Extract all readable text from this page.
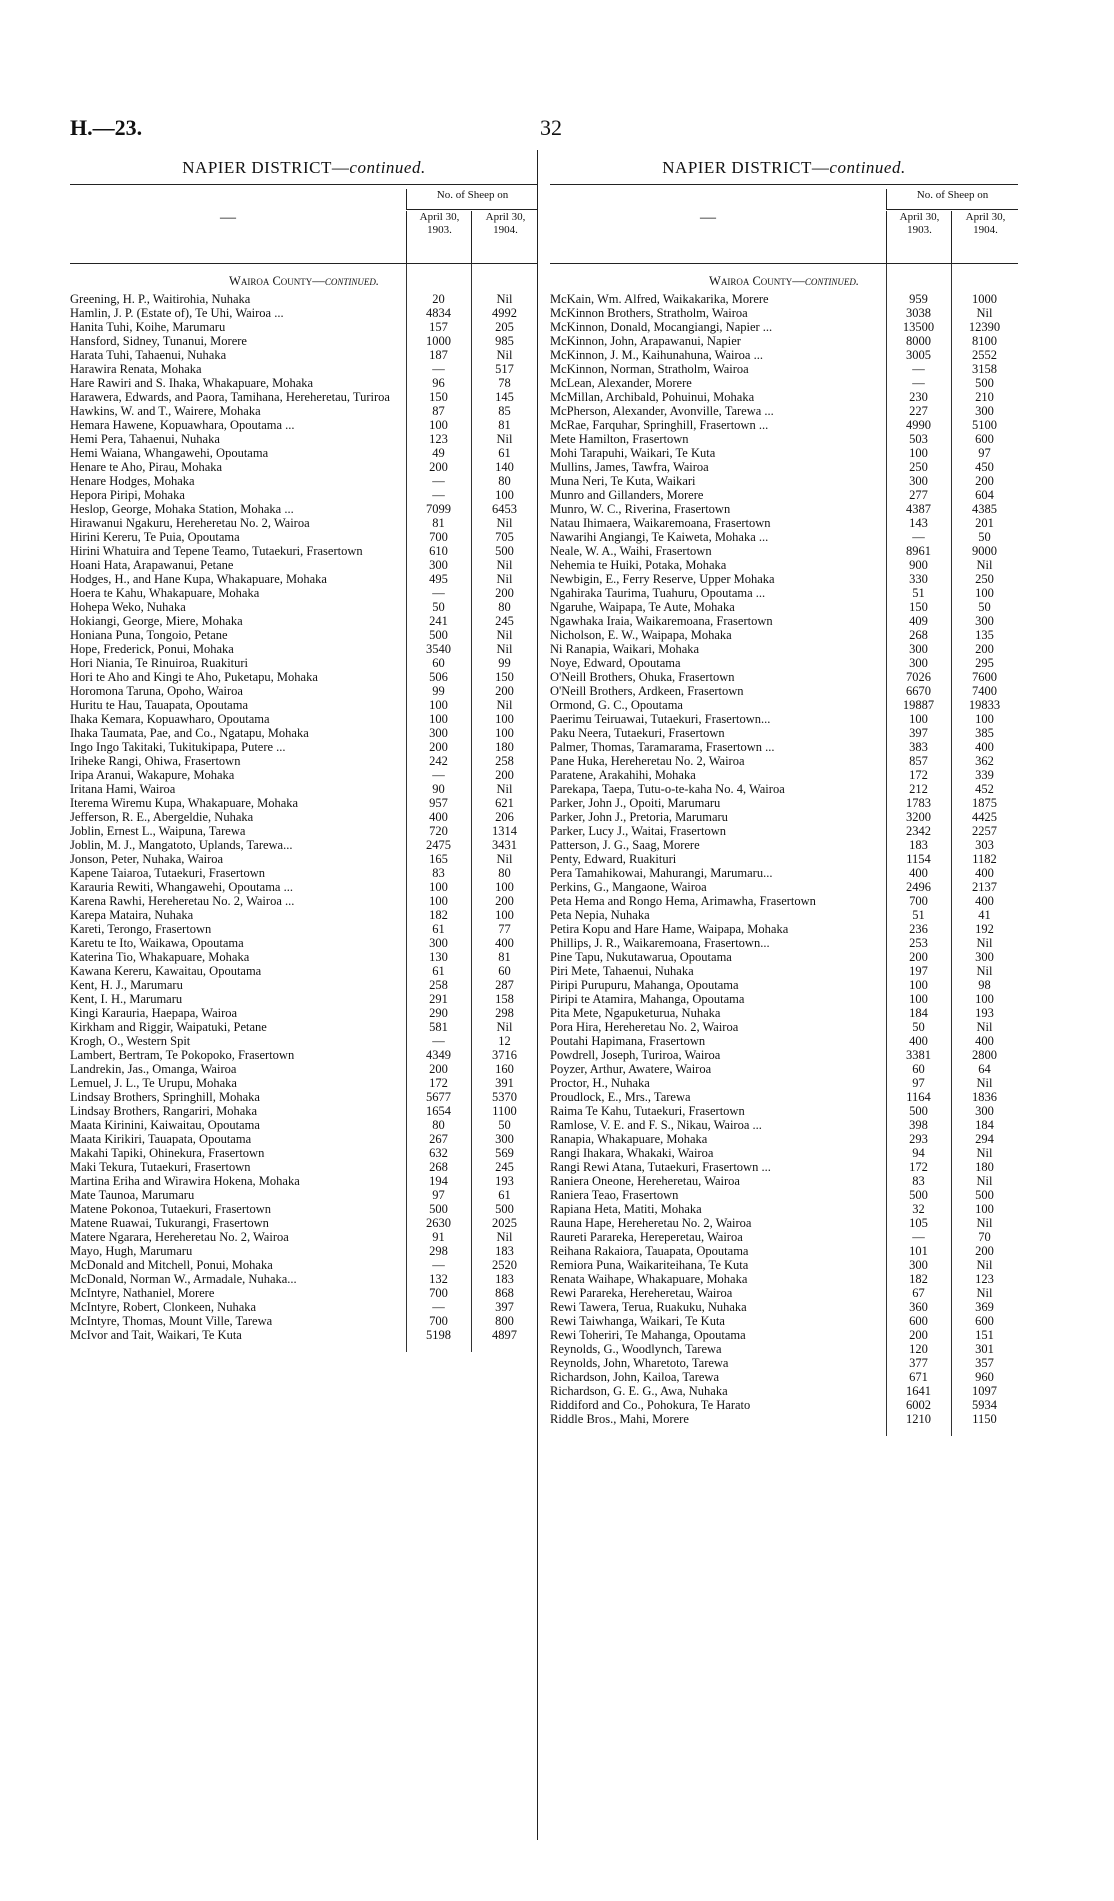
H.—23.	32
NAPIER DISTRICT—continued.
—
No. of Sheep on
April 30, 1903.
April 30, 1904.
Wairoa County—continued.
Greening, H. P., Waitirohia, Nuhaka	20	Nil
Hamlin, J. P. (Estate of), Te Uhi, Wairoa ...	4834	4992
Hanita Tuhi, Koihe, Marumaru	157	205
Hansford, Sidney, Tunanui, Morere	1000	985
Harata Tuhi, Tahaenui, Nuhaka	187	Nil
Harawira Renata, Mohaka	—	517
Hare Rawiri and S. Ihaka, Whakapuare, Mohaka	96	78
Harawera, Edwards, and Paora, Tamihana, Hereheretau, Turiroa	150	145
Hawkins, W. and T., Wairere, Mohaka	87	85
Hemara Hawene, Kopuawhara, Opoutama ...	100	81
Hemi Pera, Tahaenui, Nuhaka	123	Nil
Hemi Waiana, Whangawehi, Opoutama	49	61
Henare te Aho, Pirau, Mohaka	200	140
Henare Hodges, Mohaka	—	80
Hepora Piripi, Mohaka	—	100
Heslop, George, Mohaka Station, Mohaka ...	7099	6453
Hirawanui Ngakuru, Hereheretau No. 2, Wairoa	81	Nil
Hirini Kereru, Te Puia, Opoutama	700	705
Hirini Whatuira and Tepene Teamo, Tutaekuri, Frasertown	610	500
Hoani Hata, Arapawanui, Petane	300	Nil
Hodges, H., and Hane Kupa, Whakapuare, Mohaka	495	Nil
Hoera te Kahu, Whakapuare, Mohaka	—	200
Hohepa Weko, Nuhaka	50	80
Hokiangi, George, Miere, Mohaka	241	245
Honiana Puna, Tongoio, Petane	500	Nil
Hope, Frederick, Ponui, Mohaka	3540	Nil
Hori Niania, Te Rinuiroa, Ruakituri	60	99
Hori te Aho and Kingi te Aho, Puketapu, Mohaka	506	150
Horomona Taruna, Opoho, Wairoa	99	200
Huritu te Hau, Tauapata, Opoutama	100	Nil
Ihaka Kemara, Kopuawharo, Opoutama	100	100
Ihaka Taumata, Pae, and Co., Ngatapu, Mohaka	300	100
Ingo Ingo Takitaki, Tukitukipapa, Putere ...	200	180
Iriheke Rangi, Ohiwa, Frasertown	242	258
Iripa Aranui, Wakapure, Mohaka	—	200
Iritana Hami, Wairoa	90	Nil
Iterema Wiremu Kupa, Whakapuare, Mohaka	957	621
Jefferson, R. E., Abergeldie, Nuhaka	400	206
Joblin, Ernest L., Waipuna, Tarewa	720	1314
Joblin, M. J., Mangatoto, Uplands, Tarewa...	2475	3431
Jonson, Peter, Nuhaka, Wairoa	165	Nil
Kapene Taiaroa, Tutaekuri, Frasertown	83	80
Karauria Rewiti, Whangawehi, Opoutama ...	100	100
Karena Rawhi, Hereheretau No. 2, Wairoa ...	100	200
Karepa Mataira, Nuhaka	182	100
Kareti, Terongo, Frasertown	61	77
Karetu te Ito, Waikawa, Opoutama	300	400
Katerina Tio, Whakapuare, Mohaka	130	81
Kawana Kereru, Kawaitau, Opoutama	61	60
Kent, H. J., Marumaru	258	287
Kent, I. H., Marumaru	291	158
Kingi Karauria, Haepapa, Wairoa	290	298
Kirkham and Riggir, Waipatuki, Petane	581	Nil
Krogh, O., Western Spit	—	12
Lambert, Bertram, Te Pokopoko, Frasertown	4349	3716
Landrekin, Jas., Omanga, Wairoa	200	160
Lemuel, J. L., Te Urupu, Mohaka	172	391
Lindsay Brothers, Springhill, Mohaka	5677	5370
Lindsay Brothers, Rangariri, Mohaka	1654	1100
Maata Kirinini, Kaiwaitau, Opoutama	80	50
Maata Kirikiri, Tauapata, Opoutama	267	300
Makahi Tapiki, Ohinekura, Frasertown	632	569
Maki Tekura, Tutaekuri, Frasertown	268	245
Martina Eriha and Wirawira Hokena, Mohaka	194	193
Mate Taunoa, Marumaru	97	61
Matene Pokonoa, Tutaekuri, Frasertown	500	500
Matene Ruawai, Tukurangi, Frasertown	2630	2025
Matere Ngarara, Hereheretau No. 2, Wairoa	91	Nil
Mayo, Hugh, Marumaru	298	183
McDonald and Mitchell, Ponui, Mohaka	—	2520
McDonald, Norman W., Armadale, Nuhaka...	132	183
McIntyre, Nathaniel, Morere	700	868
McIntyre, Robert, Clonkeen, Nuhaka	—	397
McIntyre, Thomas, Mount Ville, Tarewa	700	800
McIvor and Tait, Waikari, Te Kuta	5198	4897
NAPIER DISTRICT—continued.
—
No. of Sheep on
April 30, 1903.
April 30, 1904.
Wairoa County—continued.
McKain, Wm. Alfred, Waikakarika, Morere	959	1000
McKinnon Brothers, Stratholm, Wairoa	3038	Nil
McKinnon, Donald, Mocangiangi, Napier ...	13500	12390
McKinnon, John, Arapawanui, Napier	8000	8100
McKinnon, J. M., Kaihunahuna, Wairoa ...	3005	2552
McKinnon, Norman, Stratholm, Wairoa	—	3158
McLean, Alexander, Morere	—	500
McMillan, Archibald, Pohuinui, Mohaka	230	210
McPherson, Alexander, Avonville, Tarewa ...	227	300
McRae, Farquhar, Springhill, Frasertown ...	4990	5100
Mete Hamilton, Frasertown	503	600
Mohi Tarapuhi, Waikari, Te Kuta	100	97
Mullins, James, Tawfra, Wairoa	250	450
Muna Neri, Te Kuta, Waikari	300	200
Munro and Gillanders, Morere	277	604
Munro, W. C., Riverina, Frasertown	4387	4385
Natau Ihimaera, Waikaremoana, Frasertown	143	201
Nawarihi Angiangi, Te Kaiweta, Mohaka ...	—	50
Neale, W. A., Waihi, Frasertown	8961	9000
Nehemia te Huiki, Potaka, Mohaka	900	Nil
Newbigin, E., Ferry Reserve, Upper Mohaka	330	250
Ngahiraka Taurima, Tuahuru, Opoutama ...	51	100
Ngaruhe, Waipapa, Te Aute, Mohaka	150	50
Ngawhaka Iraia, Waikaremoana, Frasertown	409	300
Nicholson, E. W., Waipapa, Mohaka	268	135
Ni Ranapia, Waikari, Mohaka	300	200
Noye, Edward, Opoutama	300	295
O'Neill Brothers, Ohuka, Frasertown	7026	7600
O'Neill Brothers, Ardkeen, Frasertown	6670	7400
Ormond, G. C., Opoutama	19887	19833
Paerimu Teiruawai, Tutaekuri, Frasertown...	100	100
Paku Neera, Tutaekuri, Frasertown	397	385
Palmer, Thomas, Taramarama, Frasertown ...	383	400
Pane Huka, Hereheretau No. 2, Wairoa	857	362
Paratene, Arakahihi, Mohaka	172	339
Parekapa, Taepa, Tutu-o-te-kaha No. 4, Wairoa	212	452
Parker, John J., Opoiti, Marumaru	1783	1875
Parker, John J., Pretoria, Marumaru	3200	4425
Parker, Lucy J., Waitai, Frasertown	2342	2257
Patterson, J. G., Saag, Morere	183	303
Penty, Edward, Ruakituri	1154	1182
Pera Tamahikowai, Mahurangi, Marumaru...	400	400
Perkins, G., Mangaone, Wairoa	2496	2137
Peta Hema and Rongo Hema, Arimawha, Frasertown	700	400
Peta Nepia, Nuhaka	51	41
Petira Kopu and Hare Hame, Waipapa, Mohaka	236	192
Phillips, J. R., Waikaremoana, Frasertown...	253	Nil
Pine Tapu, Nukutawarua, Opoutama	200	300
Piri Mete, Tahaenui, Nuhaka	197	Nil
Piripi Purupuru, Mahanga, Opoutama	100	98
Piripi te Atamira, Mahanga, Opoutama	100	100
Pita Mete, Ngapuketurua, Nuhaka	184	193
Pora Hira, Hereheretau No. 2, Wairoa	50	Nil
Poutahi Hapimana, Frasertown	400	400
Powdrell, Joseph, Turiroa, Wairoa	3381	2800
Poyzer, Arthur, Awatere, Wairoa	60	64
Proctor, H., Nuhaka	97	Nil
Proudlock, E., Mrs., Tarewa	1164	1836
Raima Te Kahu, Tutaekuri, Frasertown	500	300
Ramlose, V. E. and F. S., Nikau, Wairoa ...	398	184
Ranapia, Whakapuare, Mohaka	293	294
Rangi Ihakara, Whakaki, Wairoa	94	Nil
Rangi Rewi Atana, Tutaekuri, Frasertown ...	172	180
Raniera Oneone, Hereheretau, Wairoa	83	Nil
Raniera Teao, Frasertown	500	500
Rapiana Heta, Matiti, Mohaka	32	100
Rauna Hape, Hereheretau No. 2, Wairoa	105	Nil
Raureti Parareka, Hereperetau, Wairoa	—	70
Reihana Rakaiora, Tauapata, Opoutama	101	200
Remiora Puna, Waikariteihana, Te Kuta	300	Nil
Renata Waihape, Whakapuare, Mohaka	182	123
Rewi Parareka, Hereheretau, Wairoa	67	Nil
Rewi Tawera, Terua, Ruakuku, Nuhaka	360	369
Rewi Taiwhanga, Waikari, Te Kuta	600	600
Rewi Toheriri, Te Mahanga, Opoutama	200	151
Reynolds, G., Woodlynch, Tarewa	120	301
Reynolds, John, Wharetoto, Tarewa	377	357
Richardson, John, Kailoa, Tarewa	671	960
Richardson, G. E. G., Awa, Nuhaka	1641	1097
Riddiford and Co., Pohokura, Te Harato	6002	5934
Riddle Bros., Mahi, Morere	1210	1150
